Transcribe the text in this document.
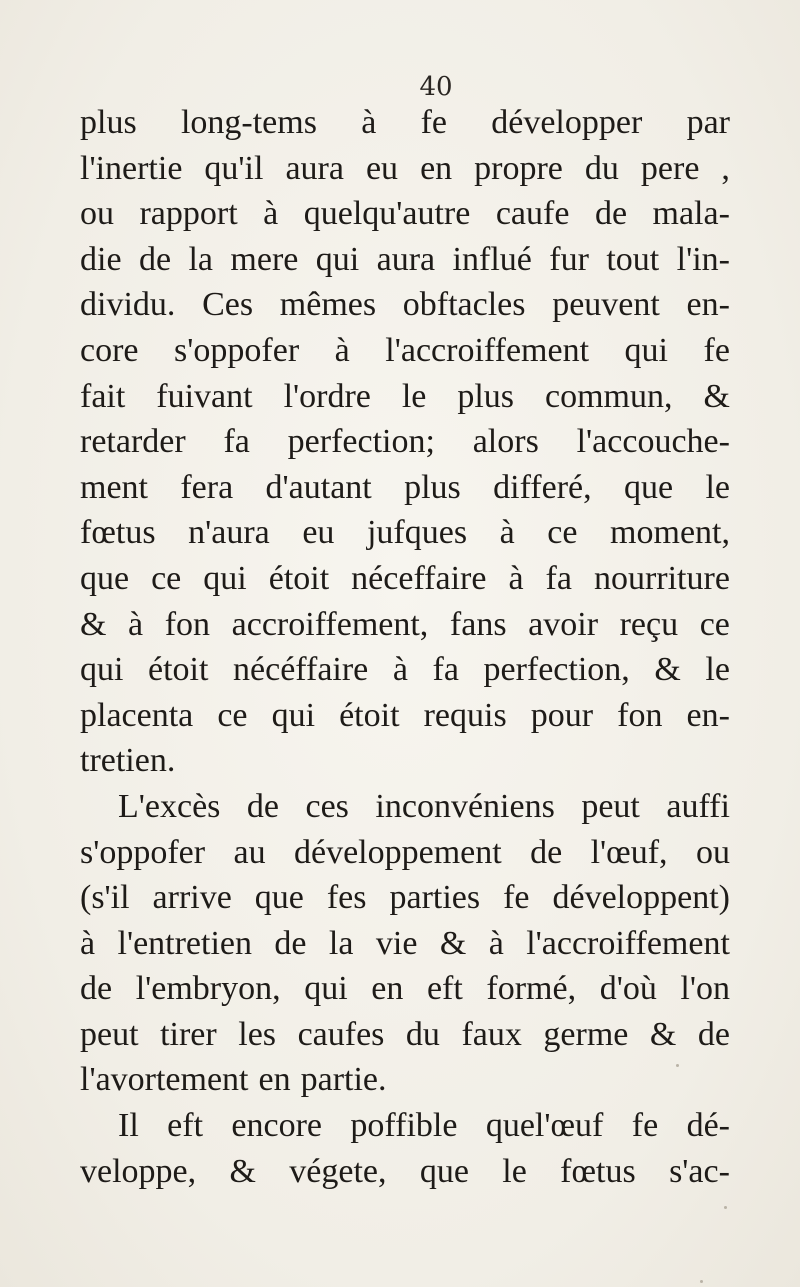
40
plus long-tems à fe développer par
l'inertie qu'il aura eu en propre du pere ,
ou rapport à quelqu'autre caufe de mala-
die de la mere qui aura influé fur tout l'in-
dividu. Ces mêmes obftacles peuvent en-
core s'oppofer à l'accroiffement qui fe
fait fuivant l'ordre le plus commun, &
retarder fa perfection; alors l'accouche-
ment fera d'autant plus differé, que le
fœtus n'aura eu jufques à ce moment,
que ce qui étoit néceffaire à fa nourriture
& à fon accroiffement, fans avoir reçu ce
qui étoit nécéffaire à fa perfection, & le
placenta ce qui étoit requis pour fon en-
tretien.
L'excès de ces inconvéniens peut auffi
s'oppofer au développement de l'œuf, ou
(s'il arrive que fes parties fe développent)
à l'entretien de la vie & à l'accroiffement
de l'embryon, qui en eft formé, d'où l'on
peut tirer les caufes du faux germe & de
l'avortement en partie.
Il eft encore poffible quel'œuf fe dé-
veloppe, & végete, que le fœtus s'ac-
